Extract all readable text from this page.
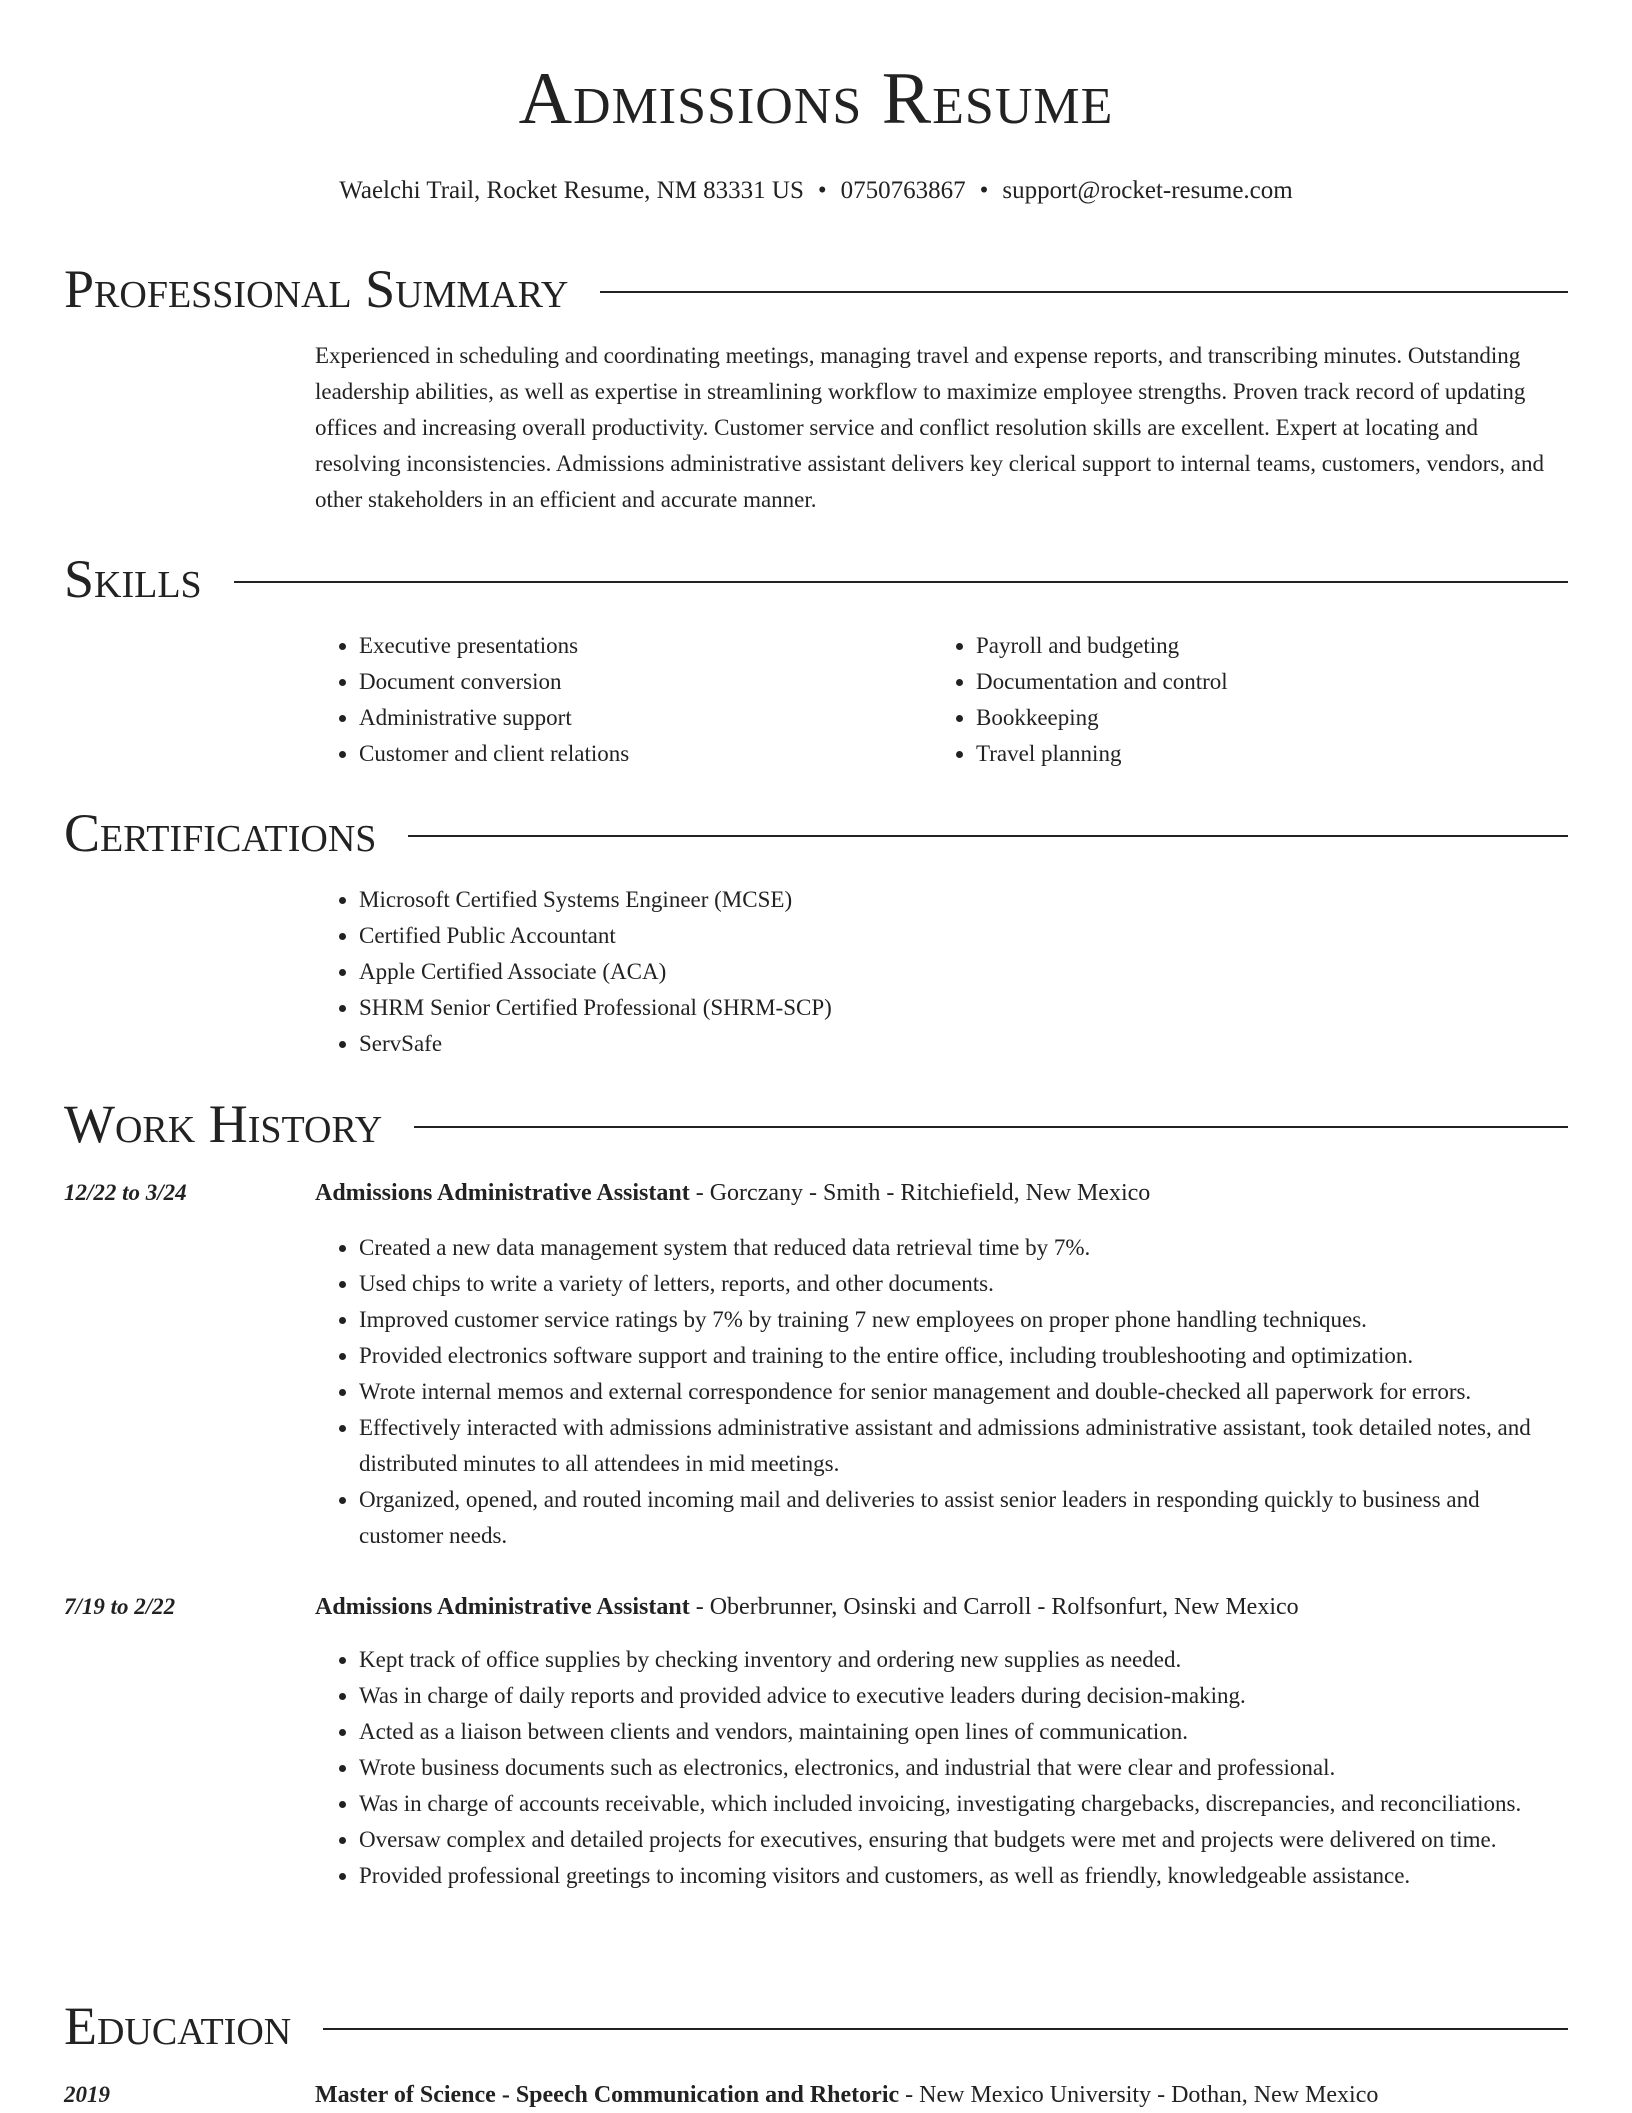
Admissions Resume
Waelchi Trail, Rocket Resume, NM 83331 US • 0750763867 • support@rocket-resume.com
Professional Summary
Experienced in scheduling and coordinating meetings, managing travel and expense reports, and transcribing minutes. Outstanding leadership abilities, as well as expertise in streamlining workflow to maximize employee strengths. Proven track record of updating offices and increasing overall productivity. Customer service and conflict resolution skills are excellent. Expert at locating and resolving inconsistencies. Admissions administrative assistant delivers key clerical support to internal teams, customers, vendors, and other stakeholders in an efficient and accurate manner.
Skills
• Executive presentations
• Document conversion
• Administrative support
• Customer and client relations
• Payroll and budgeting
• Documentation and control
• Bookkeeping
• Travel planning
Certifications
• Microsoft Certified Systems Engineer (MCSE)
• Certified Public Accountant
• Apple Certified Associate (ACA)
• SHRM Senior Certified Professional (SHRM-SCP)
• ServSafe
Work History
12/22 to 3/24	Admissions Administrative Assistant - Gorczany - Smith - Ritchiefield, New Mexico
• Created a new data management system that reduced data retrieval time by 7%.
• Used chips to write a variety of letters, reports, and other documents.
• Improved customer service ratings by 7% by training 7 new employees on proper phone handling techniques.
• Provided electronics software support and training to the entire office, including troubleshooting and optimization.
• Wrote internal memos and external correspondence for senior management and double-checked all paperwork for errors.
• Effectively interacted with admissions administrative assistant and admissions administrative assistant, took detailed notes, and distributed minutes to all attendees in mid meetings.
• Organized, opened, and routed incoming mail and deliveries to assist senior leaders in responding quickly to business and customer needs.
7/19 to 2/22	Admissions Administrative Assistant - Oberbrunner, Osinski and Carroll - Rolfsonfurt, New Mexico
• Kept track of office supplies by checking inventory and ordering new supplies as needed.
• Was in charge of daily reports and provided advice to executive leaders during decision-making.
• Acted as a liaison between clients and vendors, maintaining open lines of communication.
• Wrote business documents such as electronics, electronics, and industrial that were clear and professional.
• Was in charge of accounts receivable, which included invoicing, investigating chargebacks, discrepancies, and reconciliations.
• Oversaw complex and detailed projects for executives, ensuring that budgets were met and projects were delivered on time.
• Provided professional greetings to incoming visitors and customers, as well as friendly, knowledgeable assistance.
Education
2019	Master of Science - Speech Communication and Rhetoric - New Mexico University - Dothan, New Mexico
